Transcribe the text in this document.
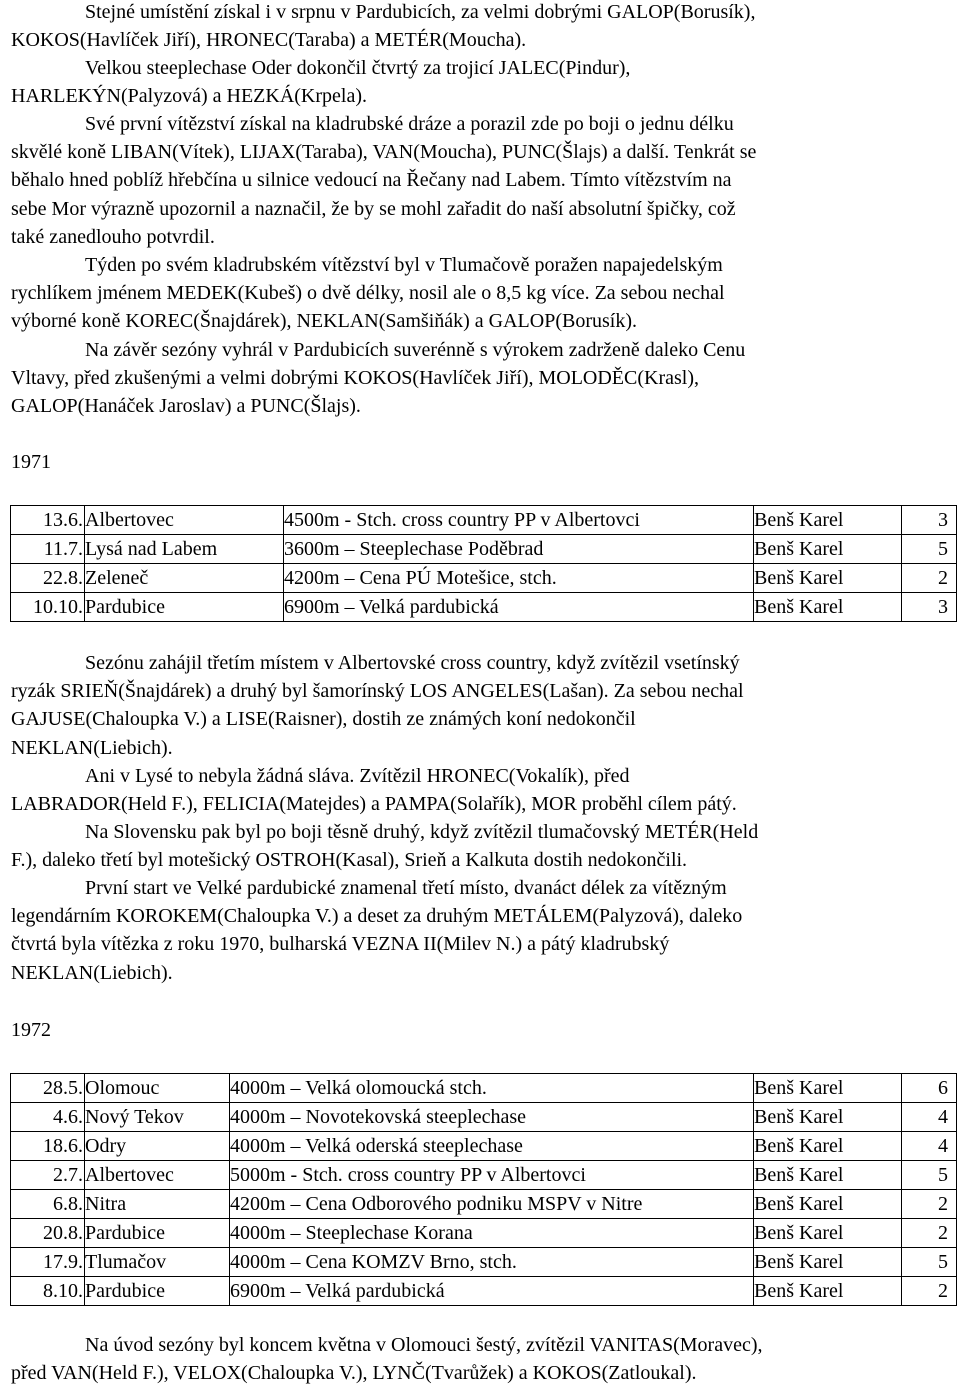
Stejné umístění získal i v srpnu v Pardubicích, za velmi dobrými GALOP(Borusík),
KOKOS(Havlíček Jiří), HRONEC(Taraba) a METÉR(Moucha).

Velkou steeplechase Oder dokončil čtvrtý za trojicí JALEC(Pindur),
HARLEKÝN(Palyzová) a HEZKÁ(Krpela).

Své první vítězství získal na kladrubské dráze a porazil zde po boji o jednu délku
skvělé koně LIBAN(Vítek), LIJAX(Taraba), VAN(Moucha), PUNC(Šlajs) a další. Tenkrát se
běhalo hned poblíž hřebčína u silnice vedoucí na Řečany nad Labem. Tímto vítězstvím na
sebe Mor výrazně upozornil a naznačil, že by se mohl zařadit do naší absolutní špičky, což
také zanedlouho potvrdil.

Týden po svém kladrubském vítězství byl v Tlumačově poražen napajedelským
rychlíkem jménem MEDEK(Kubeš) o dvě délky, nosil ale o 8,5 kg více. Za sebou nechal
výborné koně KOREC(Šnajdárek), NEKLAN(Samšiňák) a GALOP(Borusík).

Na závěr sezóny vyhrál v Pardubicích suverénně s výrokem zadrženě daleko Cenu
Vltavy, před zkušenými a velmi dobrými KOKOS(Havlíček Jiří), MOLODĚC(Krasl),
GALOP(Hanáček Jaroslav) a PUNC(Šlajs).

1971

13.6.	Albertovec	4500m - Stch. cross country PP v Albertovci	Benš Karel	3
11.7.	Lysá nad Labem	3600m – Steeplechase Poděbrad	Benš Karel	5
22.8.	Zeleneč	4200m – Cena PÚ Motešice, stch.	Benš Karel	2
10.10.	Pardubice	6900m – Velká pardubická	Benš Karel	3

Sezónu zahájil třetím místem v Albertovské cross country, když zvítězil vsetínský
ryzák SRIEŇ(Šnajdárek) a druhý byl šamorínský LOS ANGELES(Lašan). Za sebou nechal
GAJUSE(Chaloupka V.) a LISE(Raisner), dostih ze známých koní nedokončil
NEKLAN(Liebich).

Ani v Lysé to nebyla žádná sláva. Zvítězil HRONEC(Vokalík), před
LABRADOR(Held F.), FELICIA(Matejdes) a PAMPA(Solařík), MOR proběhl cílem pátý.

Na Slovensku pak byl po boji těsně druhý, když zvítězil tlumačovský METÉR(Held
F.), daleko třetí byl motešický OSTROH(Kasal), Srieň a Kalkuta dostih nedokončili.

První start ve Velké pardubické znamenal třetí místo, dvanáct délek za vítězným
legendárním KOROKEM(Chaloupka V.) a deset za druhým METÁLEM(Palyzová), daleko
čtvrtá byla vítězka z roku 1970, bulharská VEZNA II(Milev N.) a pátý kladrubský
NEKLAN(Liebich).

1972

28.5.	Olomouc	4000m – Velká olomoucká stch.	Benš Karel	6
4.6.	Nový Tekov	4000m – Novotekovská steeplechase	Benš Karel	4
18.6.	Odry	4000m – Velká oderská steeplechase	Benš Karel	4
2.7.	Albertovec	5000m - Stch. cross country PP v Albertovci	Benš Karel	5
6.8.	Nitra	4200m – Cena Odborového podniku MSPV v Nitre	Benš Karel	2
20.8.	Pardubice	4000m – Steeplechase Korana	Benš Karel	2
17.9.	Tlumačov	4000m – Cena KOMZV Brno, stch.	Benš Karel	5
8.10.	Pardubice	6900m – Velká pardubická	Benš Karel	2

Na úvod sezóny byl koncem května v Olomouci šestý, zvítězil VANITAS(Moravec),
před VAN(Held F.), VELOX(Chaloupka V.), LYNČ(Tvarůžek) a KOKOS(Zatloukal).
